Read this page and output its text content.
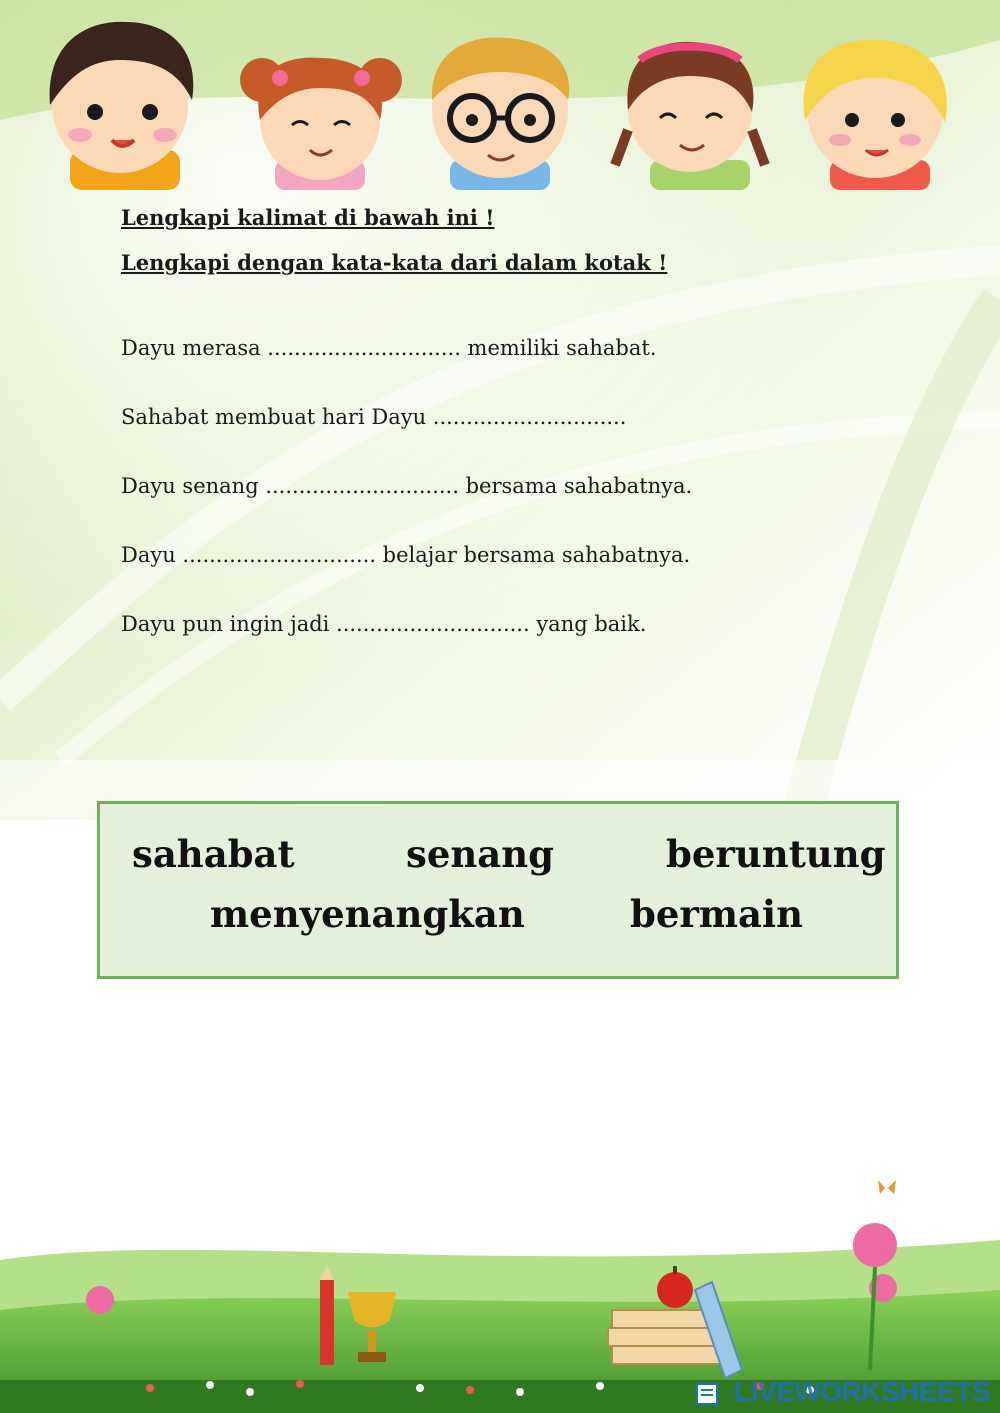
Lengkapi kalimat di bawah ini !
Lengkapi dengan kata-kata dari dalam kotak !
Dayu merasa ............................. memiliki sahabat.
Sahabat membuat hari Dayu .............................
Dayu senang ............................. bersama sahabatnya.
Dayu ............................. belajar bersama sahabatnya.
Dayu pun ingin jadi ............................. yang baik.
sahabat	senang	beruntung
menyenangkan	bermain
LIVEWORKSHEETS
